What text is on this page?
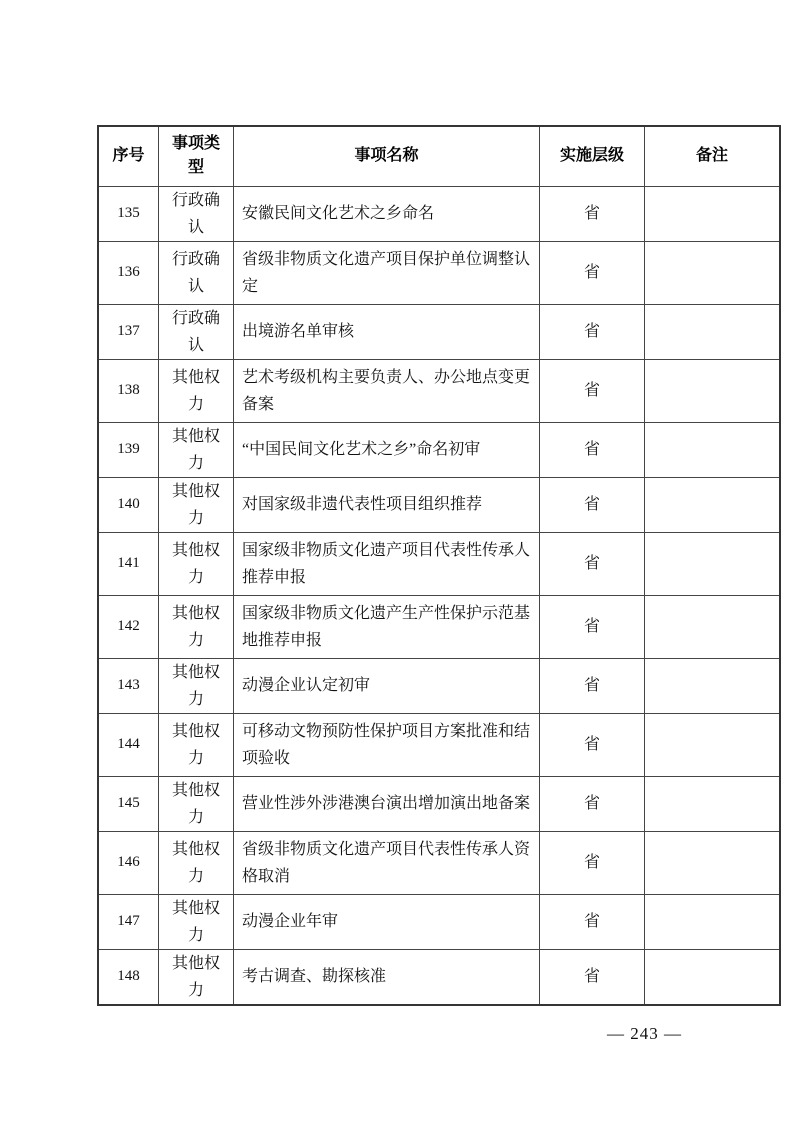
序号	事项类型	事项名称	实施层级	备注
135	行政确认	安徽民间文化艺术之乡命名	省	
136	行政确认	省级非物质文化遗产项目保护单位调整认定	省	
137	行政确认	出境游名单审核	省	
138	其他权力	艺术考级机构主要负责人、办公地点变更备案	省	
139	其他权力	“中国民间文化艺术之乡”命名初审	省	
140	其他权力	对国家级非遗代表性项目组织推荐	省	
141	其他权力	国家级非物质文化遗产项目代表性传承人推荐申报	省	
142	其他权力	国家级非物质文化遗产生产性保护示范基地推荐申报	省	
143	其他权力	动漫企业认定初审	省	
144	其他权力	可移动文物预防性保护项目方案批准和结项验收	省	
145	其他权力	营业性涉外涉港澳台演出增加演出地备案	省	
146	其他权力	省级非物质文化遗产项目代表性传承人资格取消	省	
147	其他权力	动漫企业年审	省	
148	其他权力	考古调查、勘探核准	省	
— 243 —
